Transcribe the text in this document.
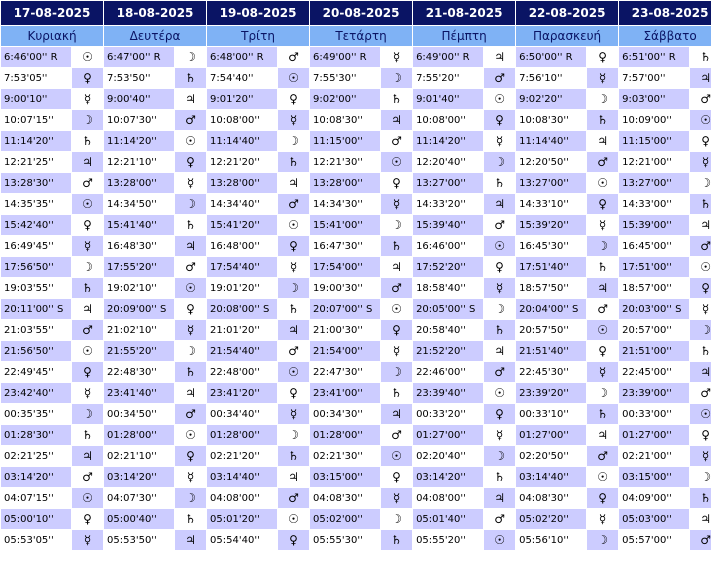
17-08-2025		18-08-2025		19-08-2025		20-08-2025		21-08-2025		22-08-2025		23-08-2025	
Κυριακή		Δευτέρα		Τρίτη		Τετάρτη		Πέμπτη		Παρασκευή		Σάββατο	
6:46'00'' R	☉	6:47'00'' R	☽	6:48'00'' R	♂	6:49'00'' R	☿	6:49'00'' R	♃	6:50'00'' R	♀	6:51'00'' R	♄
7:53'05''	♀	7:53'50''	♄	7:54'40''	☉	7:55'30''	☽	7:55'20''	♂	7:56'10''	☿	7:57'00''	♃
9:00'10''	☿	9:00'40''	♃	9:01'20''	♀	9:02'00''	♄	9:01'40''	☉	9:02'20''	☽	9:03'00''	♂
10:07'15''	☽	10:07'30''	♂	10:08'00''	☿	10:08'30''	♃	10:08'00''	♀	10:08'30''	♄	10:09'00''	☉
11:14'20''	♄	11:14'20''	☉	11:14'40''	☽	11:15'00''	♂	11:14'20''	☿	11:14'40''	♃	11:15'00''	♀
12:21'25''	♃	12:21'10''	♀	12:21'20''	♄	12:21'30''	☉	12:20'40''	☽	12:20'50''	♂	12:21'00''	☿
13:28'30''	♂	13:28'00''	☿	13:28'00''	♃	13:28'00''	♀	13:27'00''	♄	13:27'00''	☉	13:27'00''	☽
14:35'35''	☉	14:34'50''	☽	14:34'40''	♂	14:34'30''	☿	14:33'20''	♃	14:33'10''	♀	14:33'00''	♄
15:42'40''	♀	15:41'40''	♄	15:41'20''	☉	15:41'00''	☽	15:39'40''	♂	15:39'20''	☿	15:39'00''	♃
16:49'45''	☿	16:48'30''	♃	16:48'00''	♀	16:47'30''	♄	16:46'00''	☉	16:45'30''	☽	16:45'00''	♂
17:56'50''	☽	17:55'20''	♂	17:54'40''	☿	17:54'00''	♃	17:52'20''	♀	17:51'40''	♄	17:51'00''	☉
19:03'55''	♄	19:02'10''	☉	19:01'20''	☽	19:00'30''	♂	18:58'40''	☿	18:57'50''	♃	18:57'00''	♀
20:11'00'' S	♃	20:09'00'' S	♀	20:08'00'' S	♄	20:07'00'' S	☉	20:05'00'' S	☽	20:04'00'' S	♂	20:03'00'' S	☿
21:03'55''	♂	21:02'10''	☿	21:01'20''	♃	21:00'30''	♀	20:58'40''	♄	20:57'50''	☉	20:57'00''	☽
21:56'50''	☉	21:55'20''	☽	21:54'40''	♂	21:54'00''	☿	21:52'20''	♃	21:51'40''	♀	21:51'00''	♄
22:49'45''	♀	22:48'30''	♄	22:48'00''	☉	22:47'30''	☽	22:46'00''	♂	22:45'30''	☿	22:45'00''	♃
23:42'40''	☿	23:41'40''	♃	23:41'20''	♀	23:41'00''	♄	23:39'40''	☉	23:39'20''	☽	23:39'00''	♂
00:35'35''	☽	00:34'50''	♂	00:34'40''	☿	00:34'30''	♃	00:33'20''	♀	00:33'10''	♄	00:33'00''	☉
01:28'30''	♄	01:28'00''	☉	01:28'00''	☽	01:28'00''	♂	01:27'00''	☿	01:27'00''	♃	01:27'00''	♀
02:21'25''	♃	02:21'10''	♀	02:21'20''	♄	02:21'30''	☉	02:20'40''	☽	02:20'50''	♂	02:21'00''	☿
03:14'20''	♂	03:14'20''	☿	03:14'40''	♃	03:15'00''	♀	03:14'20''	♄	03:14'40''	☉	03:15'00''	☽
04:07'15''	☉	04:07'30''	☽	04:08'00''	♂	04:08'30''	☿	04:08'00''	♃	04:08'30''	♀	04:09'00''	♄
05:00'10''	♀	05:00'40''	♄	05:01'20''	☉	05:02'00''	☽	05:01'40''	♂	05:02'20''	☿	05:03'00''	♃
05:53'05''	☿	05:53'50''	♃	05:54'40''	♀	05:55'30''	♄	05:55'20''	☉	05:56'10''	☽	05:57'00''	♂
